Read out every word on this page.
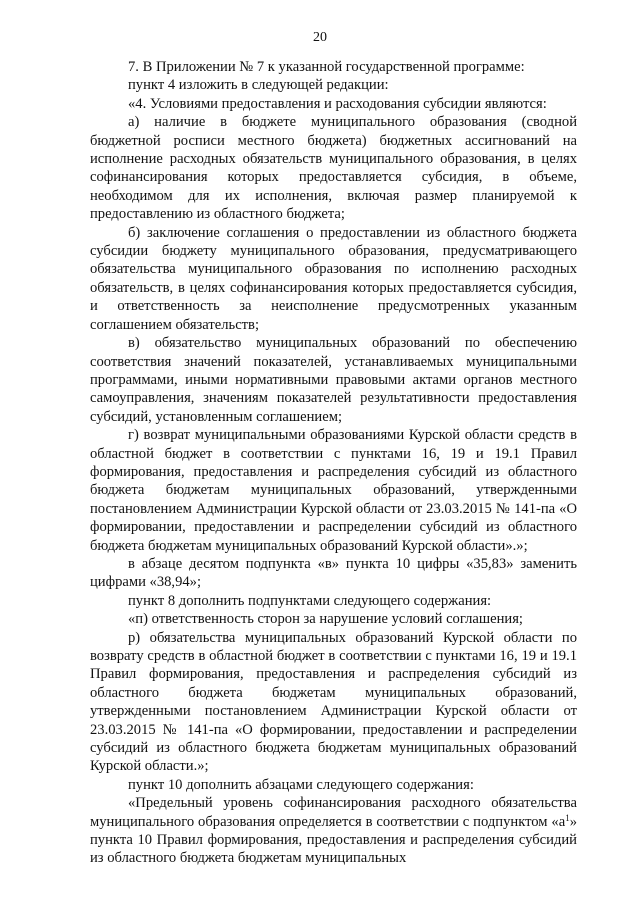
20

7. В Приложении № 7 к указанной государственной программе:

пункт 4 изложить в следующей редакции:

«4. Условиями предоставления и расходования субсидии являются:

а) наличие в бюджете муниципального образования (сводной бюджетной росписи местного бюджета) бюджетных ассигнований на исполнение расходных обязательств муниципального образования, в целях софинансирования которых предоставляется субсидия, в объеме, необходимом для их исполнения, включая размер планируемой к предоставлению из областного бюджета;

б) заключение соглашения о предоставлении из областного бюджета субсидии бюджету муниципального образования, предусматривающего обязательства муниципального образования по исполнению расходных обязательств, в целях софинансирования которых предоставляется субсидия, и ответственность за неисполнение предусмотренных указанным соглашением обязательств;

в) обязательство муниципальных образований по обеспечению соответствия значений показателей, устанавливаемых муниципальными программами, иными нормативными правовыми актами органов местного самоуправления, значениям показателей результативности предоставления субсидий, установленным соглашением;

г) возврат муниципальными образованиями Курской области средств в областной бюджет в соответствии с пунктами 16, 19 и 19.1 Правил формирования, предоставления и распределения субсидий из областного бюджета бюджетам муниципальных образований, утвержденными постановлением Администрации Курской области от 23.03.2015 № 141-па «О формировании, предоставлении и распределении субсидий из областного бюджета бюджетам муниципальных образований Курской области».»;

в абзаце десятом подпункта «в» пункта 10 цифры «35,83» заменить цифрами «38,94»;

пункт 8 дополнить подпунктами следующего содержания:

«п) ответственность сторон за нарушение условий соглашения;

р) обязательства муниципальных образований Курской области по возврату средств в областной бюджет в соответствии с пунктами 16, 19 и 19.1 Правил формирования, предоставления и распределения субсидий из областного бюджета бюджетам муниципальных образований, утвержденными постановлением Администрации Курской области от 23.03.2015 № 141-па «О формировании, предоставлении и распределении субсидий из областного бюджета бюджетам муниципальных образований Курской области.»;

пункт 10 дополнить абзацами следующего содержания:

«Предельный уровень софинансирования расходного обязательства муниципального образования определяется в соответствии с подпунктом «$а^1$» пункта 10 Правил формирования, предоставления и распределения субсидий из областного бюджета бюджетам муниципальных
